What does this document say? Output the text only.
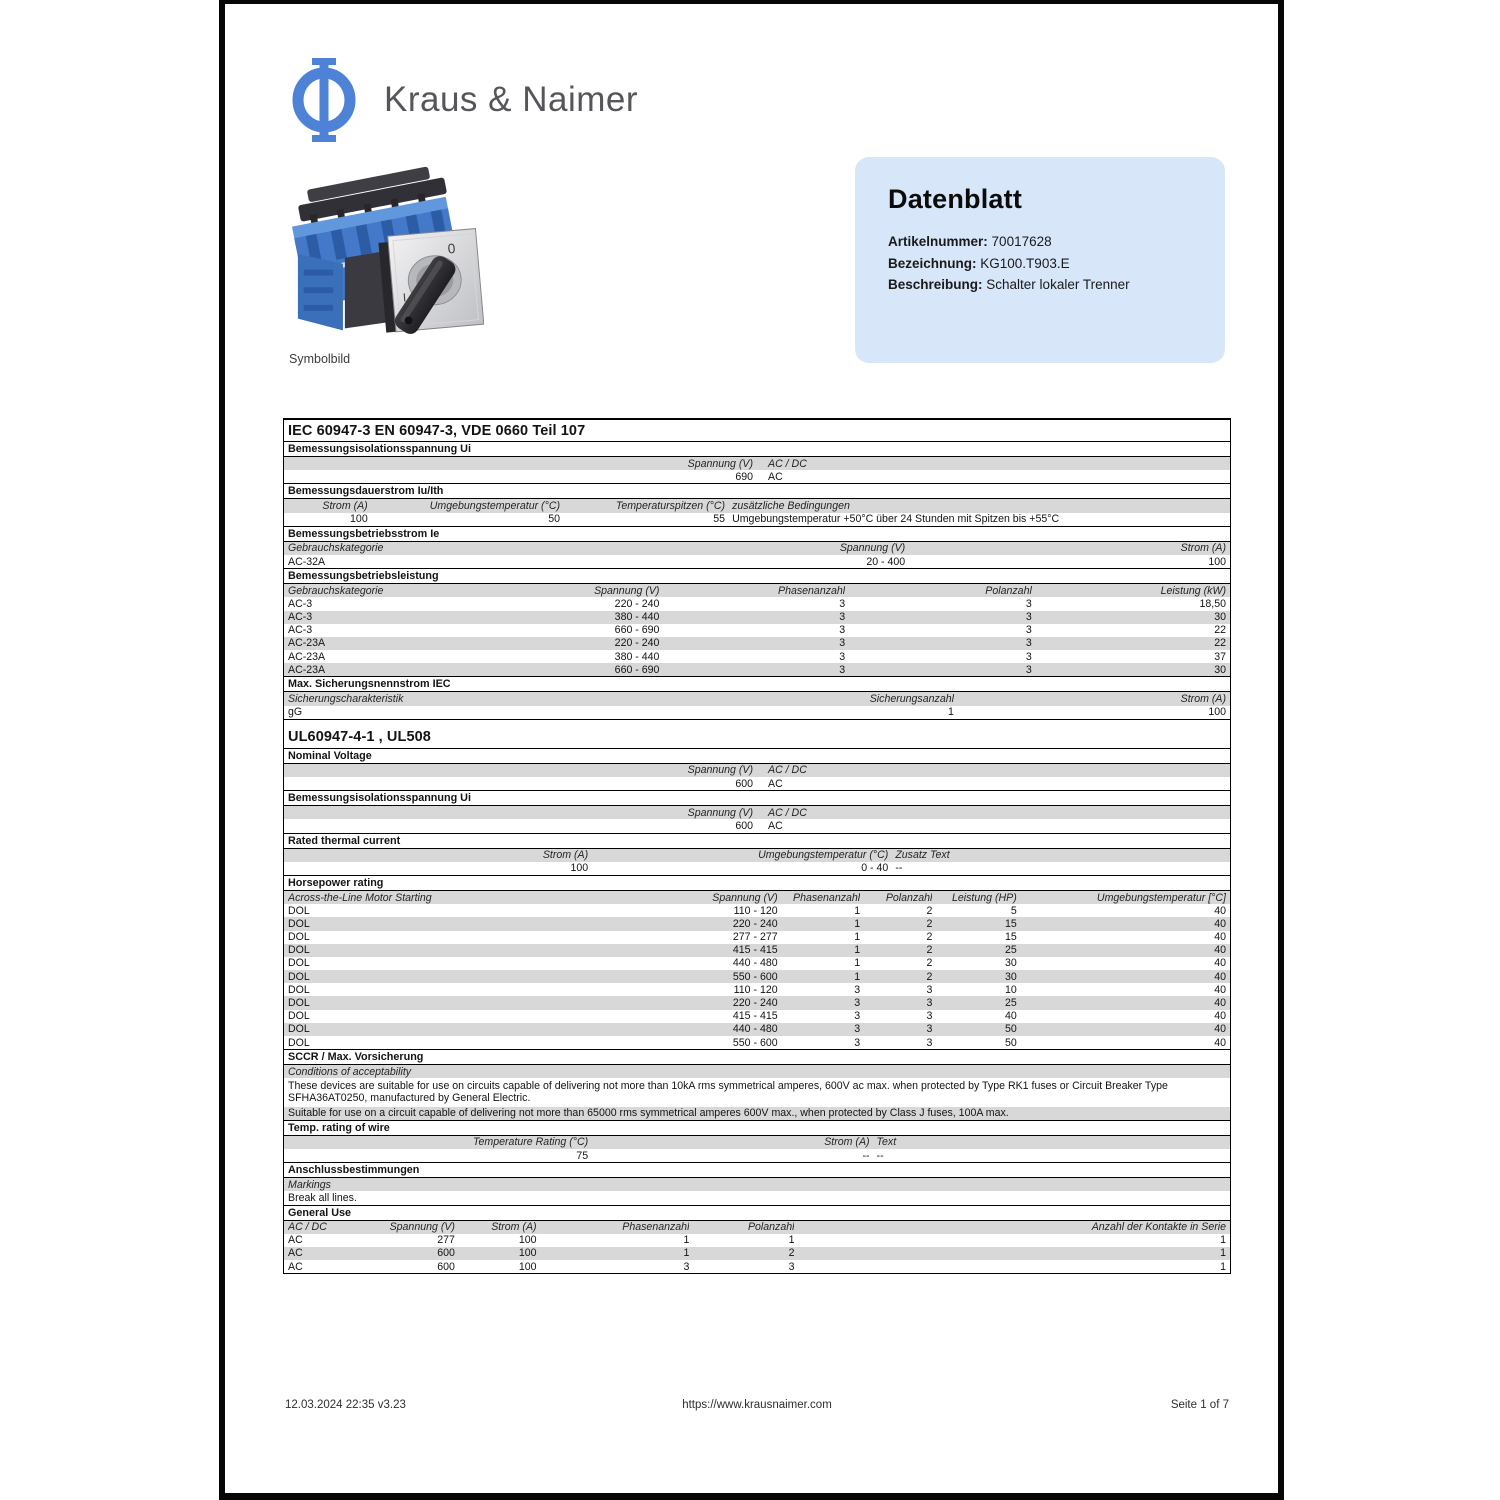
Kraus & Naimer
0
I
Symbolbild
Datenblatt
Artikelnummer: 70017628
Bezeichnung: KG100.T903.E
Beschreibung: Schalter lokaler Trenner
IEC 60947-3 EN 60947-3, VDE 0660 Teil 107
Bemessungsisolationsspannung Ui
Spannung (V)	AC / DC
690	AC
Bemessungsdauerstrom Iu/Ith
Strom (A)	Umgebungstemperatur (°C)	Temperaturspitzen (°C) zusätzliche Bedingungen
100	50	55 Umgebungstemperatur +50°C über 24 Stunden mit Spitzen bis +55°C
Bemessungsbetriebsstrom Ie
Gebrauchskategorie	Spannung (V)	Strom (A)
AC-32A	20 - 400	100
Bemessungsbetriebsleistung
Gebrauchskategorie	Spannung (V)	Phasenanzahl	Polanzahl	Leistung (kW)
AC-3	220 - 240	3	3	18,50
AC-3	380 - 440	3	3	30
AC-3	660 - 690	3	3	22
AC-23A	220 - 240	3	3	22
AC-23A	380 - 440	3	3	37
AC-23A	660 - 690	3	3	30
Max. Sicherungsnennstrom IEC
Sicherungscharakteristik	Sicherungsanzahl	Strom (A)
gG	1	100
UL60947-4-1 , UL508
Nominal Voltage
Spannung (V)	AC / DC
600	AC
Bemessungsisolationsspannung Ui
Spannung (V)	AC / DC
600	AC
Rated thermal current
Strom (A)	Umgebungstemperatur (°C) Zusatz Text
100	0 - 40 --
Horsepower rating
Across-the-Line Motor Starting	Spannung (V)	Phasenanzahl	Polanzahl	Leistung (HP)	Umgebungstemperatur [°C]
DOL	110 - 120	1	2	5	40
DOL	220 - 240	1	2	15	40
DOL	277 - 277	1	2	15	40
DOL	415 - 415	1	2	25	40
DOL	440 - 480	1	2	30	40
DOL	550 - 600	1	2	30	40
DOL	110 - 120	3	3	10	40
DOL	220 - 240	3	3	25	40
DOL	415 - 415	3	3	40	40
DOL	440 - 480	3	3	50	40
DOL	550 - 600	3	3	50	40
SCCR / Max. Vorsicherung
Conditions of acceptability
These devices are suitable for use on circuits capable of delivering not more than 10kA rms symmetrical amperes, 600V ac max. when protected by Type RK1 fuses or Circuit Breaker Type SFHA36AT0250, manufactured by General Electric.
Suitable for use on a circuit capable of delivering not more than 65000 rms symmetrical amperes 600V max., when protected by Class J fuses, 100A max.
Temp. rating of wire
Temperature Rating (°C)	Strom (A) Text
75	-- --
Anschlussbestimmungen
Markings
Break all lines.
General Use
AC / DC	Spannung (V)	Strom (A)	Phasenanzahl	Polanzahl	Anzahl der Kontakte in Serie
AC	277	100	1	1	1
AC	600	100	1	2	1
AC	600	100	3	3	1
12.03.2024 22:35 v3.23	https://www.krausnaimer.com	Seite 1 of 7
